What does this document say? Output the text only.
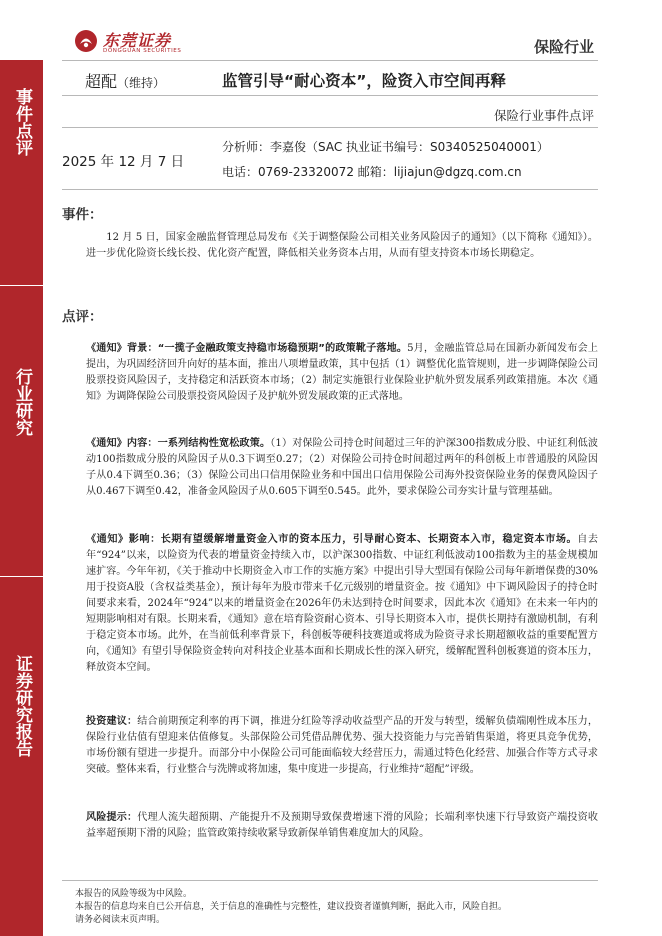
事件点评
行业研究
证券研究报告
东莞证券
DONGGUAN SECURITIES	保险行业
超配（维持）	监管引导“耐心资本”，险资入市空间再释
保险行业事件点评
2025 年 12 月 7 日
分析师：李嘉俊（SAC 执业证书编号：S0340525040001）
电话：0769-23320072 邮箱：lijiajun@dgzq.com.cn
事件：
12 月 5 日，国家金融监督管理总局发布《关于调整保险公司相关业务风险因子的通知》（以下简称《通知》）。进一步优化险资长线长投、优化资产配置，降低相关业务资本占用，从而有望支持资本市场长期稳定。
点评：
《通知》背景：“一揽子金融政策支持稳市场稳预期”的政策靴子落地。5月，金融监管总局在国新办新闻发布会上提出，为巩固经济回升向好的基本面，推出八项增量政策，其中包括（1）调整优化监管规则，进一步调降保险公司股票投资风险因子，支持稳定和活跃资本市场；（2）制定实施银行业保险业护航外贸发展系列政策措施。本次《通知》为调降保险公司股票投资风险因子及护航外贸发展政策的正式落地。
《通知》内容：一系列结构性宽松政策。（1）对保险公司持仓时间超过三年的沪深300指数成分股、中证红利低波动100指数成分股的风险因子从0.3下调至0.27；（2）对保险公司持仓时间超过两年的科创板上市普通股的风险因子从0.4下调至0.36；（3）保险公司出口信用保险业务和中国出口信用保险公司海外投资保险业务的保费风险因子从0.467下调至0.42，准备金风险因子从0.605下调至0.545。此外，要求保险公司夯实计量与管理基础。
《通知》影响：长期有望缓解增量资金入市的资本压力，引导耐心资本、长期资本入市，稳定资本市场。自去年“924”以来，以险资为代表的增量资金持续入市，以沪深300指数、中证红利低波动100指数为主的基金规模加速扩容。今年年初，《关于推动中长期资金入市工作的实施方案》中提出引导大型国有保险公司每年新增保费的30%用于投资A股（含权益类基金），预计每年为股市带来千亿元级别的增量资金。按《通知》中下调风险因子的持仓时间要求来看，2024年“924”以来的增量资金在2026年仍未达到持仓时间要求，因此本次《通知》在未来一年内的短期影响相对有限。长期来看，《通知》意在培育险资耐心资本、引导长期资本入市，提供长期持有激励机制，有利于稳定资本市场。此外，在当前低利率背景下，科创板等硬科技赛道或将成为险资寻求长期超额收益的重要配置方向，《通知》有望引导保险资金转向对科技企业基本面和长期成长性的深入研究，缓解配置科创板赛道的资本压力，释放资本空间。
投资建议：结合前期预定利率的再下调，推进分红险等浮动收益型产品的开发与转型，缓解负债端刚性成本压力，保险行业估值有望迎来估值修复。头部保险公司凭借品牌优势、强大投资能力与完善销售渠道，将更具竞争优势，市场份额有望进一步提升。而部分中小保险公司可能面临较大经营压力，需通过特色化经营、加强合作等方式寻求突破。整体来看，行业整合与洗牌或将加速，集中度进一步提高，行业维持“超配”评级。
风险提示：代理人流失超预期、产能提升不及预期导致保费增速下滑的风险；长端利率快速下行导致资产端投资收益率超预期下滑的风险；监管政策持续收紧导致新保单销售难度加大的风险。
本报告的风险等级为中风险。
本报告的信息均来自已公开信息，关于信息的准确性与完整性，建议投资者谨慎判断，据此入市，风险自担。
请务必阅读末页声明。
